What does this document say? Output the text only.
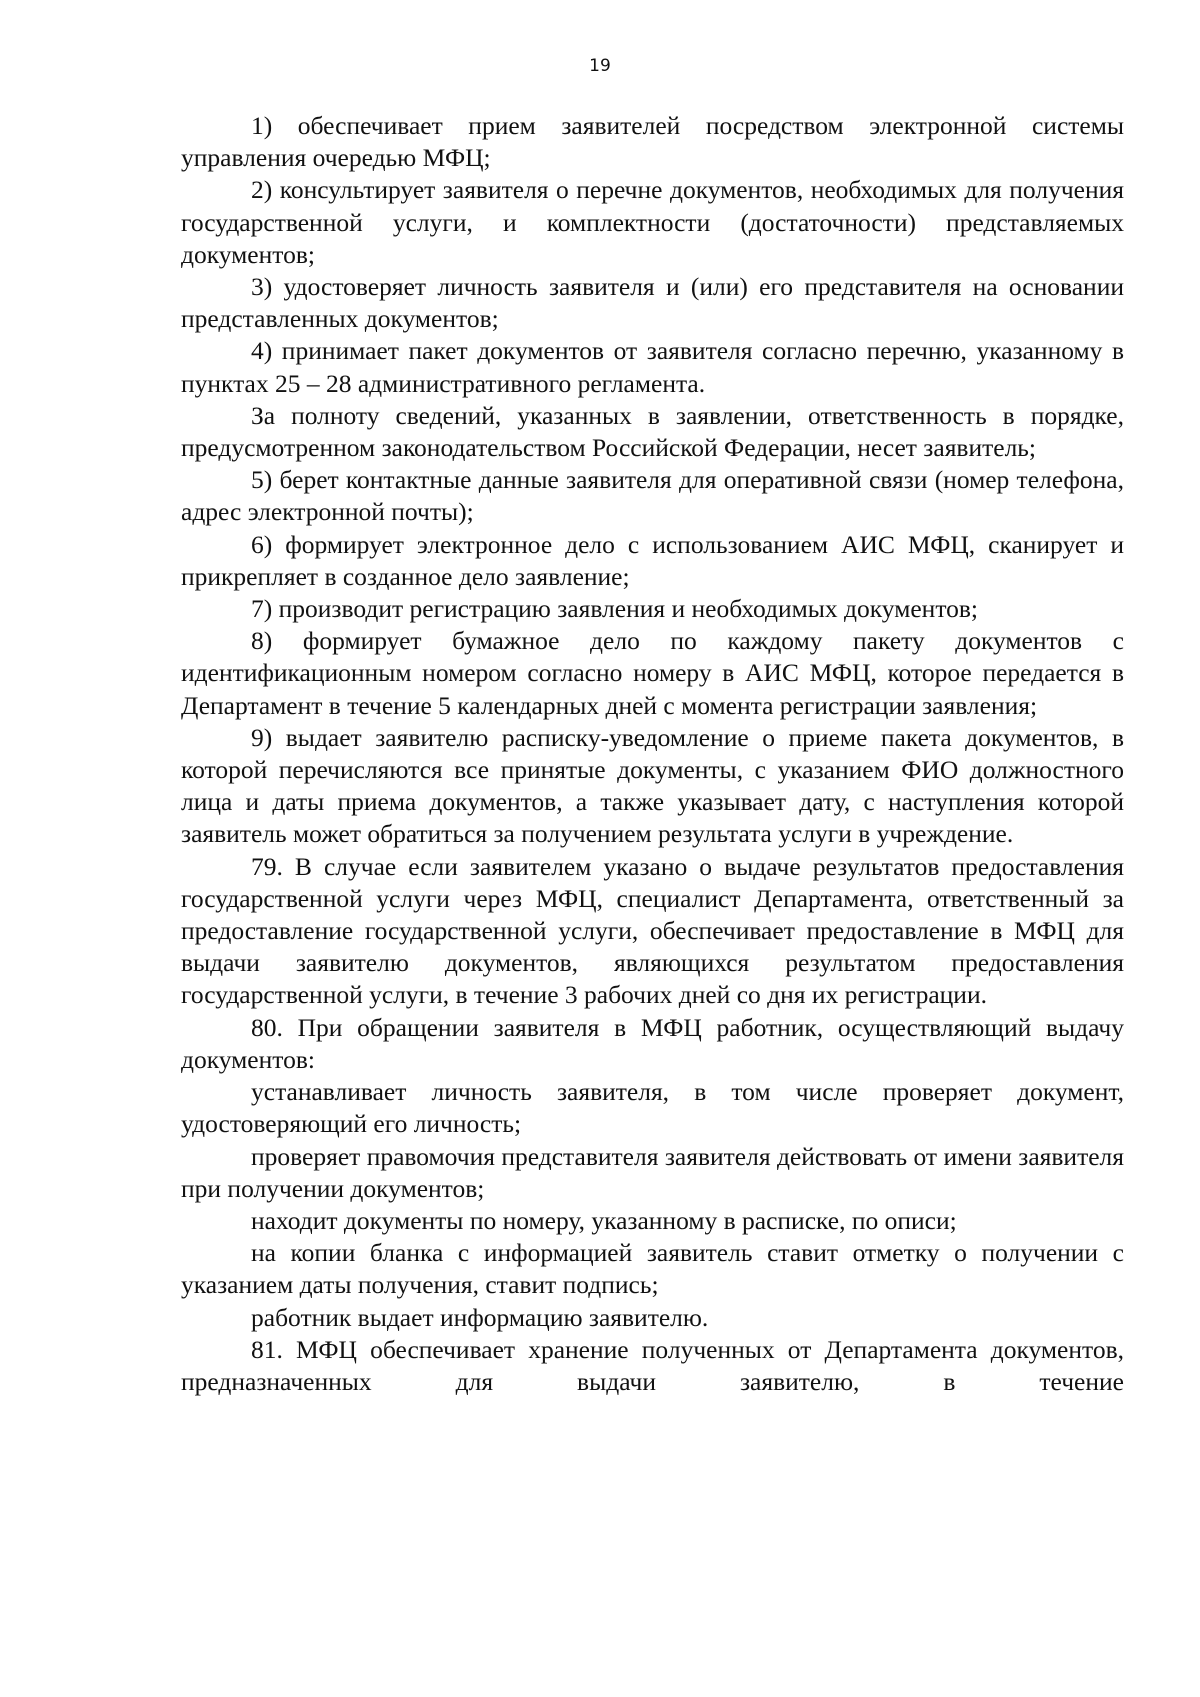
19

1) обеспечивает прием заявителей посредством электронной системы управления очередью МФЦ;

2) консультирует заявителя о перечне документов, необходимых для получения государственной услуги, и комплектности (достаточности) представляемых документов;

3) удостоверяет личность заявителя и (или) его представителя на основании представленных документов;

4) принимает пакет документов от заявителя согласно перечню, указанному в пунктах 25 – 28 административного регламента.

За полноту сведений, указанных в заявлении, ответственность в порядке, предусмотренном законодательством Российской Федерации, несет заявитель;

5) берет контактные данные заявителя для оперативной связи (номер телефона, адрес электронной почты);

6) формирует электронное дело с использованием АИС МФЦ, сканирует и прикрепляет в созданное дело заявление;

7) производит регистрацию заявления и необходимых документов;

8) формирует бумажное дело по каждому пакету документов с идентификационным номером согласно номеру в АИС МФЦ, которое передается в Департамент в течение 5 календарных дней с момента регистрации заявления;

9) выдает заявителю расписку-уведомление о приеме пакета документов, в которой перечисляются все принятые документы, с указанием ФИО должностного лица и даты приема документов, а также указывает дату, с наступления которой заявитель может обратиться за получением результата услуги в учреждение.

79. В случае если заявителем указано о выдаче результатов предоставления государственной услуги через МФЦ, специалист Департамента, ответственный за предоставление государственной услуги, обеспечивает предоставление в МФЦ для выдачи заявителю документов, являющихся результатом предоставления государственной услуги, в течение 3 рабочих дней со дня их регистрации.

80. При обращении заявителя в МФЦ работник, осуществляющий выдачу документов:

устанавливает личность заявителя, в том числе проверяет документ, удостоверяющий его личность;

проверяет правомочия представителя заявителя действовать от имени заявителя при получении документов;

находит документы по номеру, указанному в расписке, по описи;

на копии бланка с информацией заявитель ставит отметку о получении с указанием даты получения, ставит подпись;

работник выдает информацию заявителю.

81. МФЦ обеспечивает хранение полученных от Департамента документов, предназначенных для выдачи заявителю, в течение
